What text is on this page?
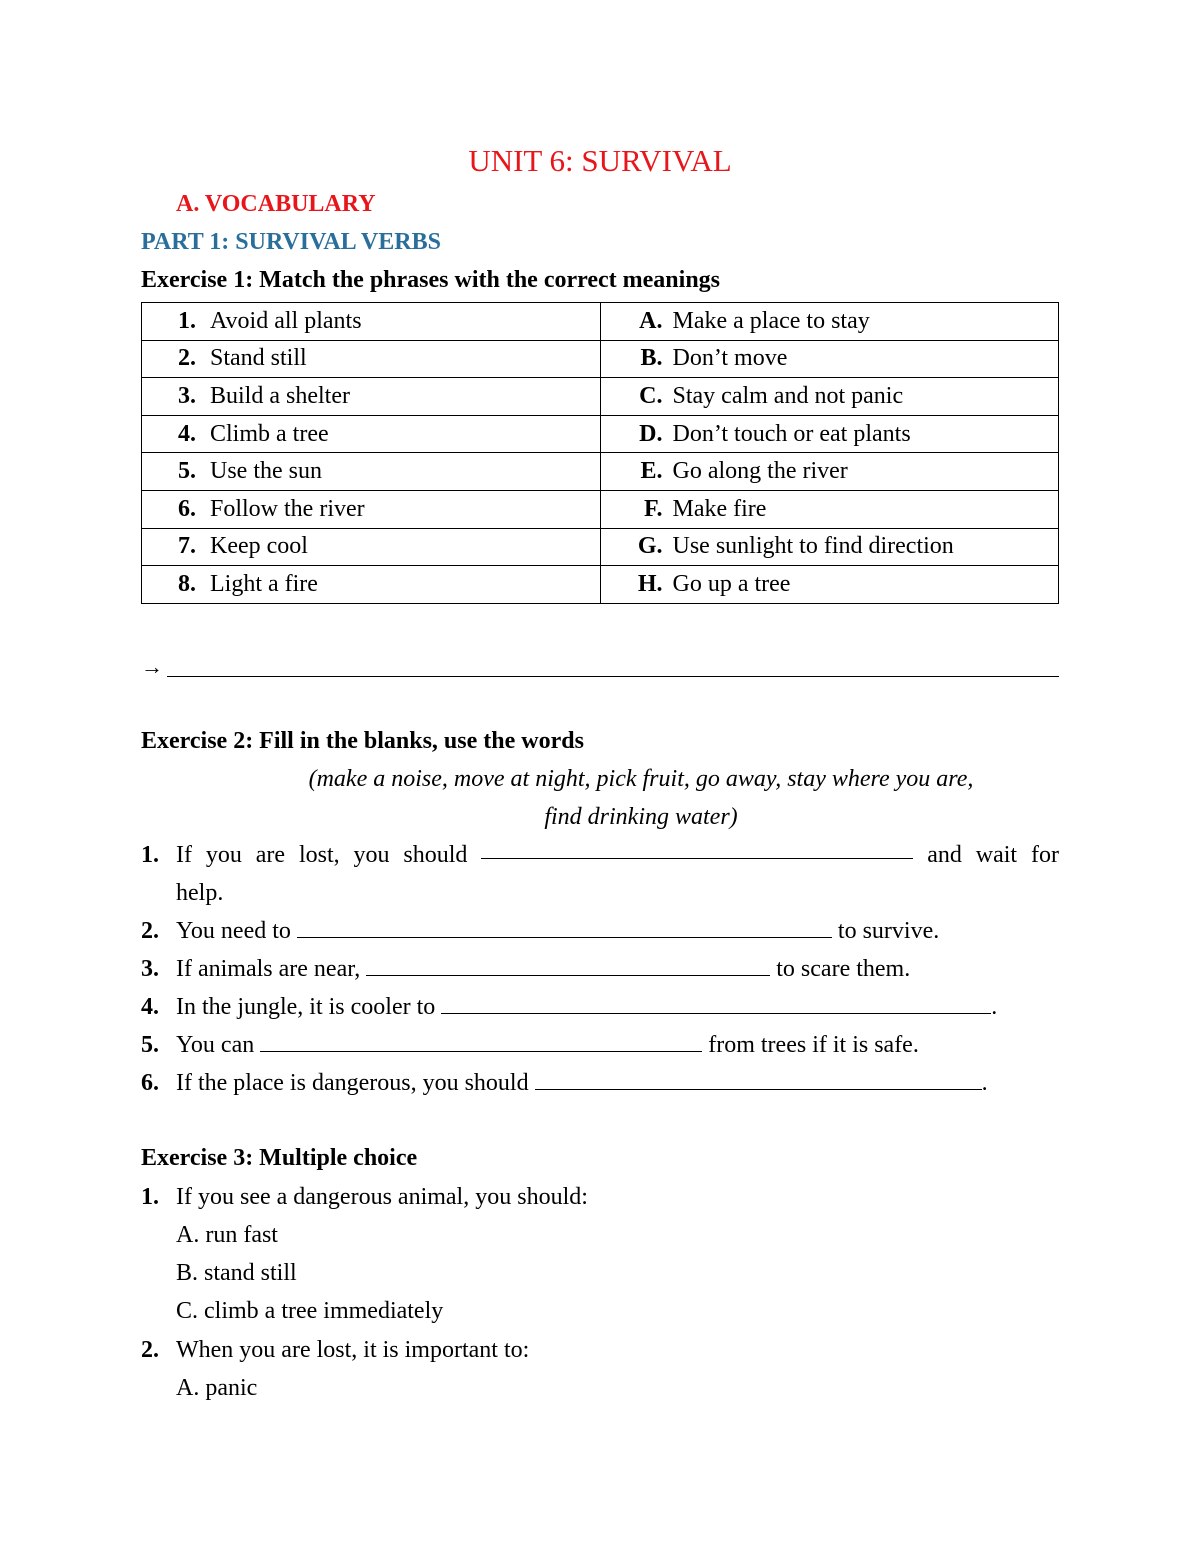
UNIT 6: SURVIVAL
A. VOCABULARY
PART 1: SURVIVAL VERBS
Exercise 1: Match the phrases with the correct meanings
1. Avoid all plants	A. Make a place to stay

2. Stand still	B. Don’t move

3. Build a shelter	C. Stay calm and not panic

4. Climb a tree	D. Don’t touch or eat plants

5. Use the sun	E. Go along the river

6. Follow the river	F. Make fire

7. Keep cool	G. Use sunlight to find direction

8. Light a fire	H. Go up a tree
→
Exercise 2: Fill in the blanks, use the words
(make a noise, move at night, pick fruit, go away, stay where you are,
find drinking water)
1. If you are lost, you should	and wait for
help.
2. You need to	to survive.
3. If animals are near,	to scare them.
4. In the jungle, it is cooler to	.
5. You can	from trees if it is safe.
6. If the place is dangerous, you should	.
Exercise 3: Multiple choice
1. If you see a dangerous animal, you should:
A. run fast
B. stand still
C. climb a tree immediately
2. When you are lost, it is important to:
A. panic
